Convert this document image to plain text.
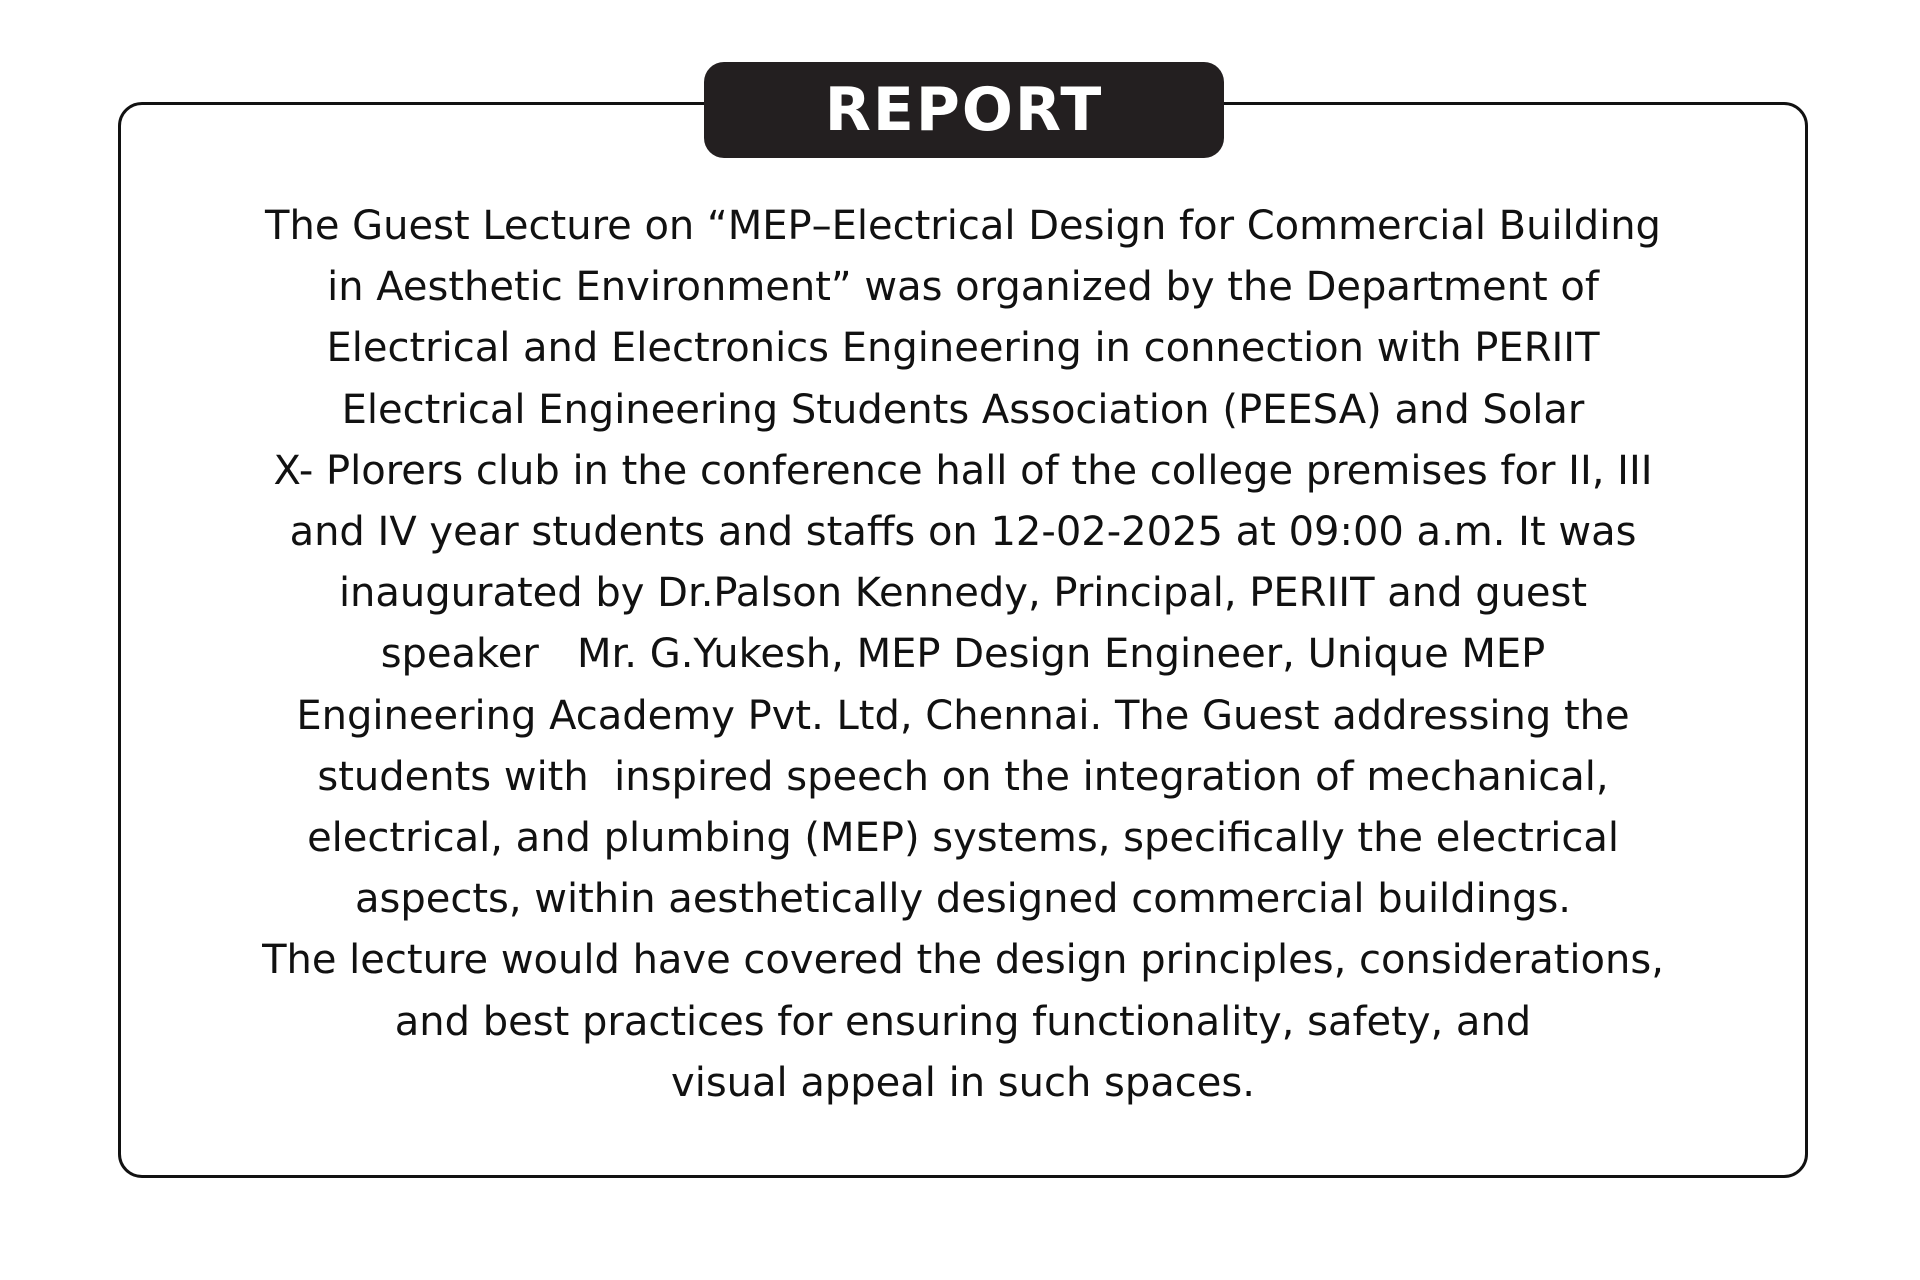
REPORT
The Guest Lecture on “MEP–Electrical Design for Commercial Building
in Aesthetic Environment” was organized by the Department of
Electrical and Electronics Engineering in connection with PERIIT
Electrical Engineering Students Association (PEESA) and Solar
X- Plorers club in the conference hall of the college premises for II, III
and IV year students and staffs on 12-02-2025 at 09:00 a.m. It was
inaugurated by Dr.Palson Kennedy, Principal, PERIIT and guest
speaker   Mr. G.Yukesh, MEP Design Engineer, Unique MEP
Engineering Academy Pvt. Ltd, Chennai. The Guest addressing the
students with  inspired speech on the integration of mechanical,
electrical, and plumbing (MEP) systems, specifically the electrical
aspects, within aesthetically designed commercial buildings.
The lecture would have covered the design principles, considerations,
and best practices for ensuring functionality, safety, and
visual appeal in such spaces.
